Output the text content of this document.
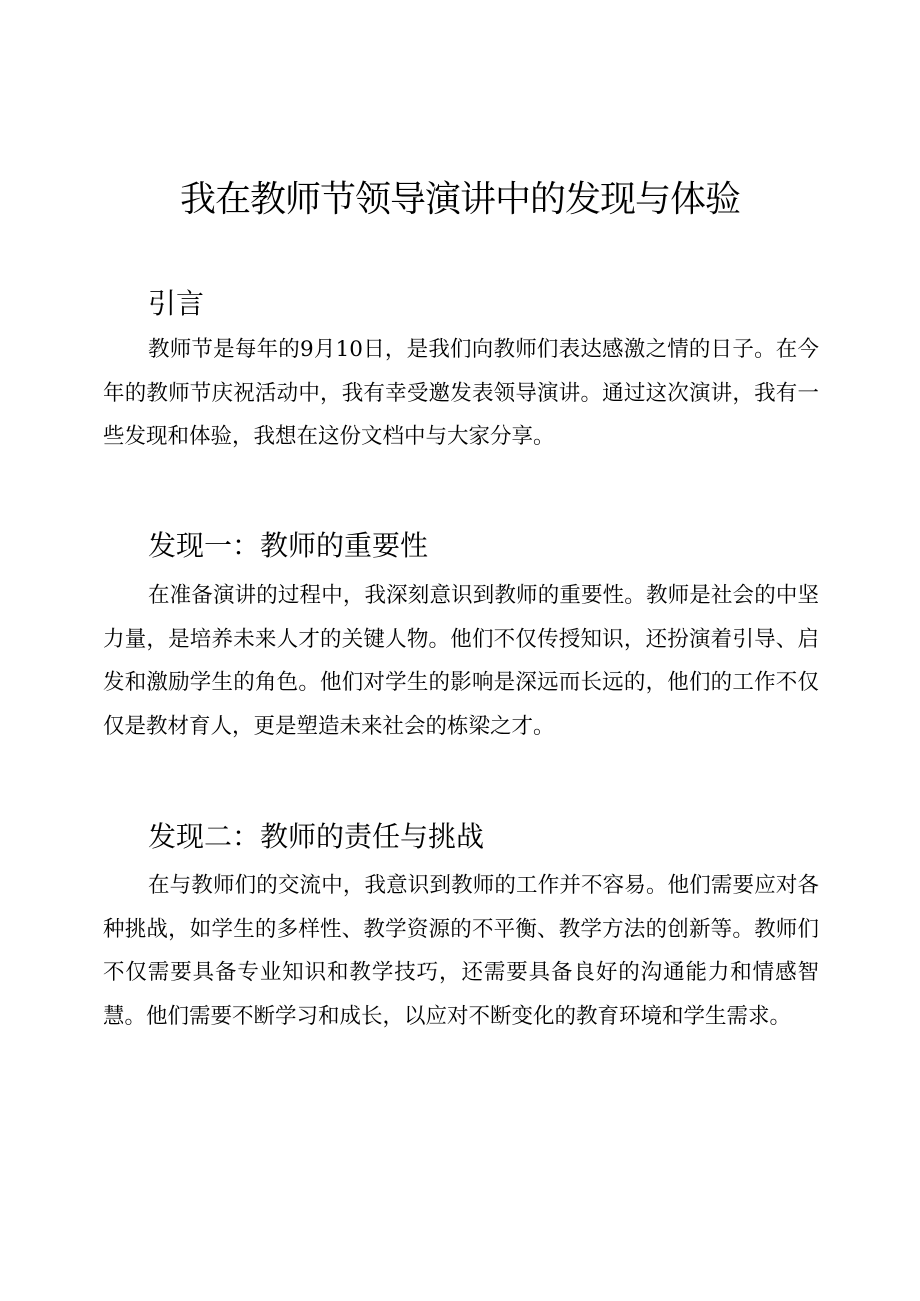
我在教师节领导演讲中的发现与体验
引言

教师节是每年的9月10日，是我们向教师们表达感激之情的日子。在今年的教师节庆祝活动中，我有幸受邀发表领导演讲。通过这次演讲，我有一些发现和体验，我想在这份文档中与大家分享。

发现一：教师的重要性

在准备演讲的过程中，我深刻意识到教师的重要性。教师是社会的中坚力量，是培养未来人才的关键人物。他们不仅传授知识，还扮演着引导、启发和激励学生的角色。他们对学生的影响是深远而长远的，他们的工作不仅仅是教材育人，更是塑造未来社会的栋梁之才。

发现二：教师的责任与挑战

在与教师们的交流中，我意识到教师的工作并不容易。他们需要应对各种挑战，如学生的多样性、教学资源的不平衡、教学方法的创新等。教师们不仅需要具备专业知识和教学技巧，还需要具备良好的沟通能力和情感智慧。他们需要不断学习和成长，以应对不断变化的教育环境和学生需求。
